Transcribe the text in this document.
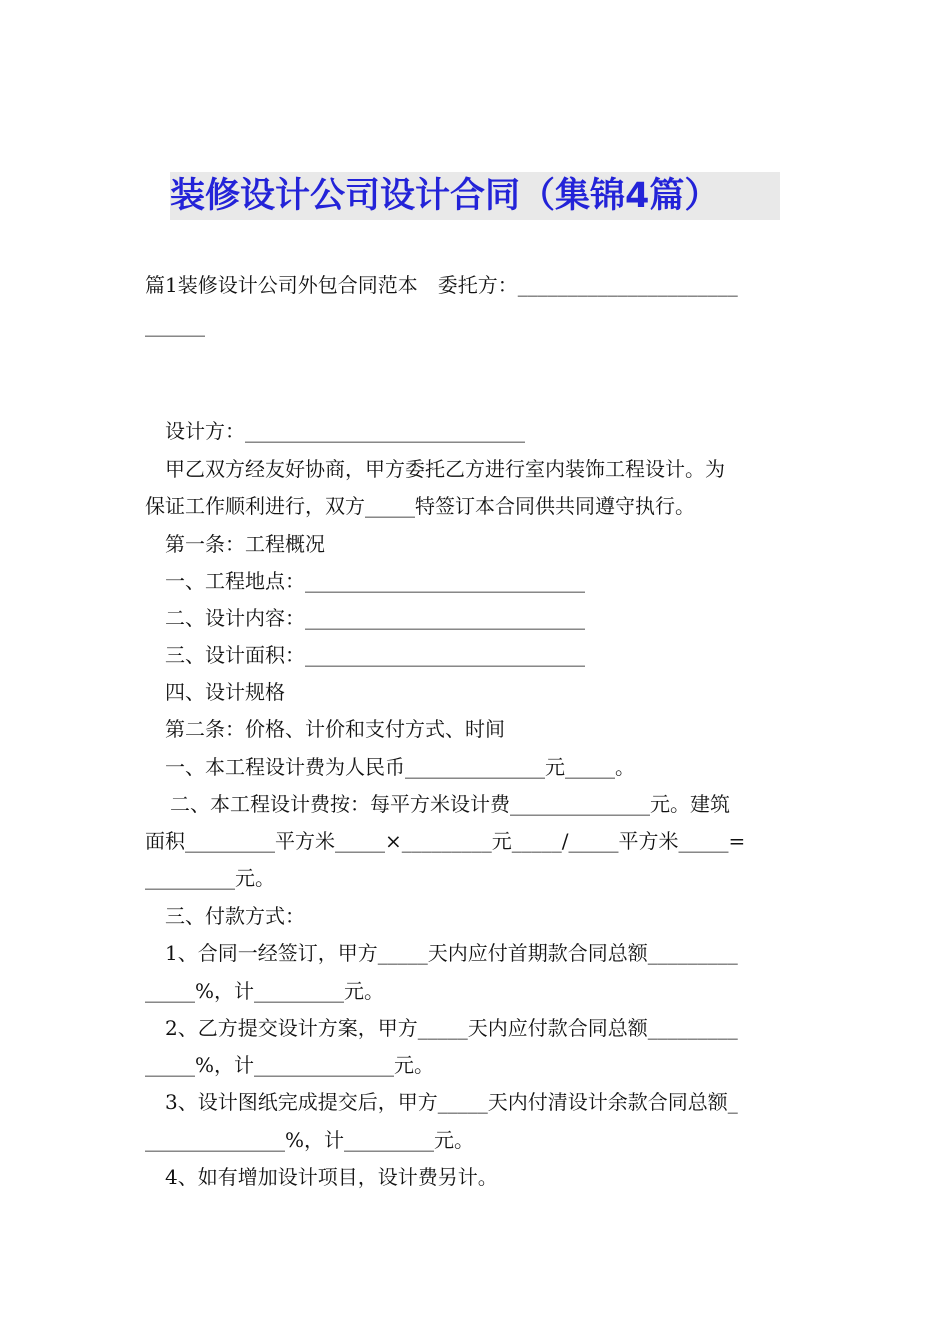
装修设计公司设计合同（集锦4篇）
篇1装修设计公司外包合同范本　委托方：______________________
______
设计方：____________________________
甲乙双方经友好协商，甲方委托乙方进行室内装饰工程设计。为
保证工作顺利进行，双方_____特签订本合同供共同遵守执行。
第一条：工程概况
一、工程地点：____________________________
二、设计内容：____________________________
三、设计面积：____________________________
四、设计规格
第二条：价格、计价和支付方式、时间
一、本工程设计费为人民币______________元_____。
二、本工程设计费按：每平方米设计费______________元。建筑
面积_________平方米_____×_________元_____/_____平方米_____=
_________元。
三、付款方式：
1、合同一经签订，甲方_____天内应付首期款合同总额_________
_____%，计_________元。
2、乙方提交设计方案，甲方_____天内应付款合同总额_________
_____%，计______________元。
3、设计图纸完成提交后，甲方_____天内付清设计余款合同总额_
______________%，计_________元。
4、如有增加设计项目，设计费另计。
